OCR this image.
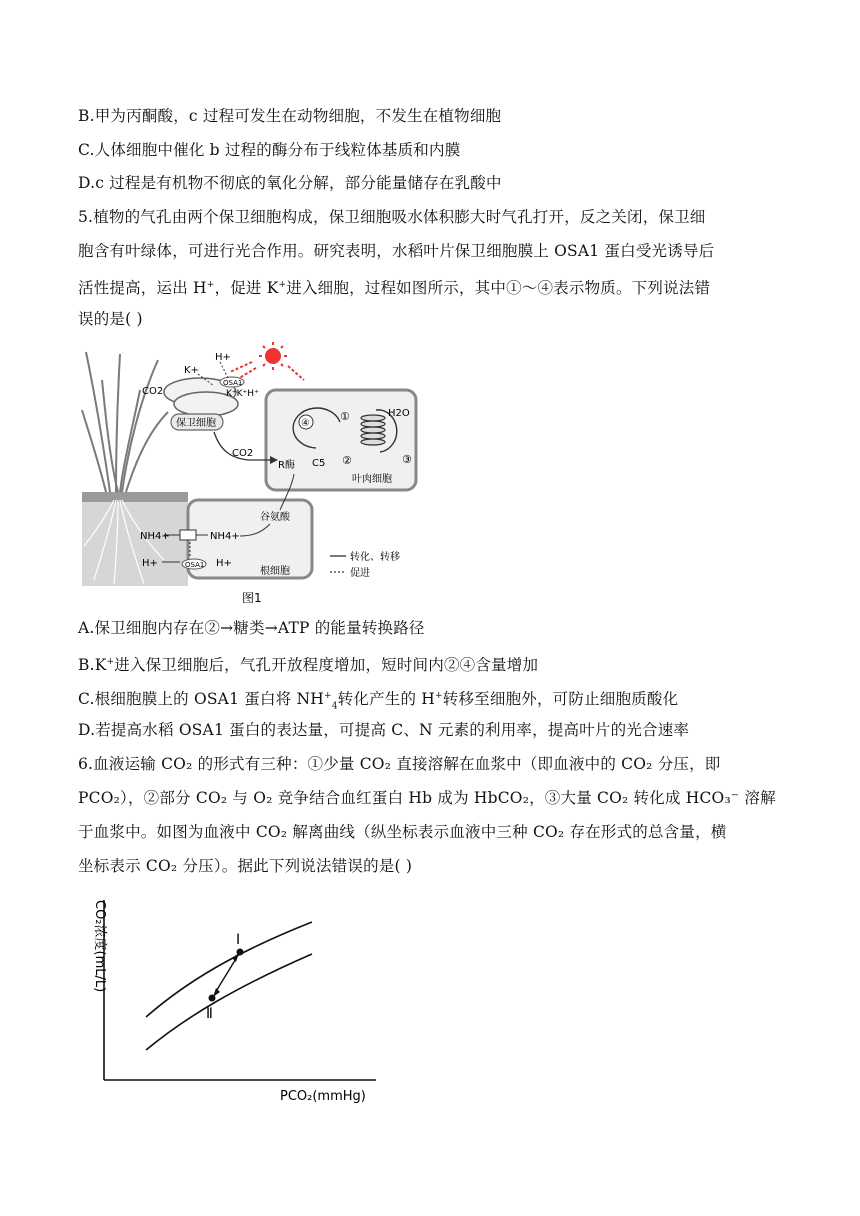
B.甲为丙酮酸，c 过程可发生在动物细胞，不发生在植物细胞
C.人体细胞中催化 b 过程的酶分布于线粒体基质和内膜
D.c 过程是有机物不彻底的氧化分解，部分能量储存在乳酸中
5.植物的气孔由两个保卫细胞构成，保卫细胞吸水体积膨大时气孔打开，反之关闭，保卫细
胞含有叶绿体，可进行光合作用。研究表明，水稻叶片保卫细胞膜上 OSA1 蛋白受光诱导后
活性提高，运出 H+，促进 K+进入细胞，过程如图所示，其中①～④表示物质。下列说法错
误的是( )
保卫细胞
OSA1
K+
H+
K⁺K⁺H⁺
CO2
④
①
②	③
C5
R酶
H2O
叶肉细胞
CO2
OSA1
NH4+	NH4+
H+	H+
谷氨酸
根细胞
转化、转移
促进
图1
A.保卫细胞内存在②→糖类→ATP 的能量转换路径
B.K+进入保卫细胞后，气孔开放程度增加，短时间内②④含量增加
C.根细胞膜上的 OSA1 蛋白将 $NH^+_4$转化产生的 H+转移至细胞外，可防止细胞质酸化
D.若提高水稻 OSA1 蛋白的表达量，可提高 C、N 元素的利用率，提高叶片的光合速率
6.血液运输 CO₂ 的形式有三种：①少量 CO₂ 直接溶解在血浆中（即血液中的 CO₂ 分压，即
PCO₂），②部分 CO₂ 与 O₂ 竞争结合血红蛋白 Hb 成为 HbCO₂，③大量 CO₂ 转化成 HCO₃⁻ 溶解
于血浆中。如图为血液中 CO₂ 解离曲线（纵坐标表示血液中三种 CO₂ 存在形式的总含量，横
坐标表示 CO₂ 分压）。据此下列说法错误的是( )
CO₂浓度(mL/L)
PCO₂(mmHg)
Ⅰ
Ⅱ
